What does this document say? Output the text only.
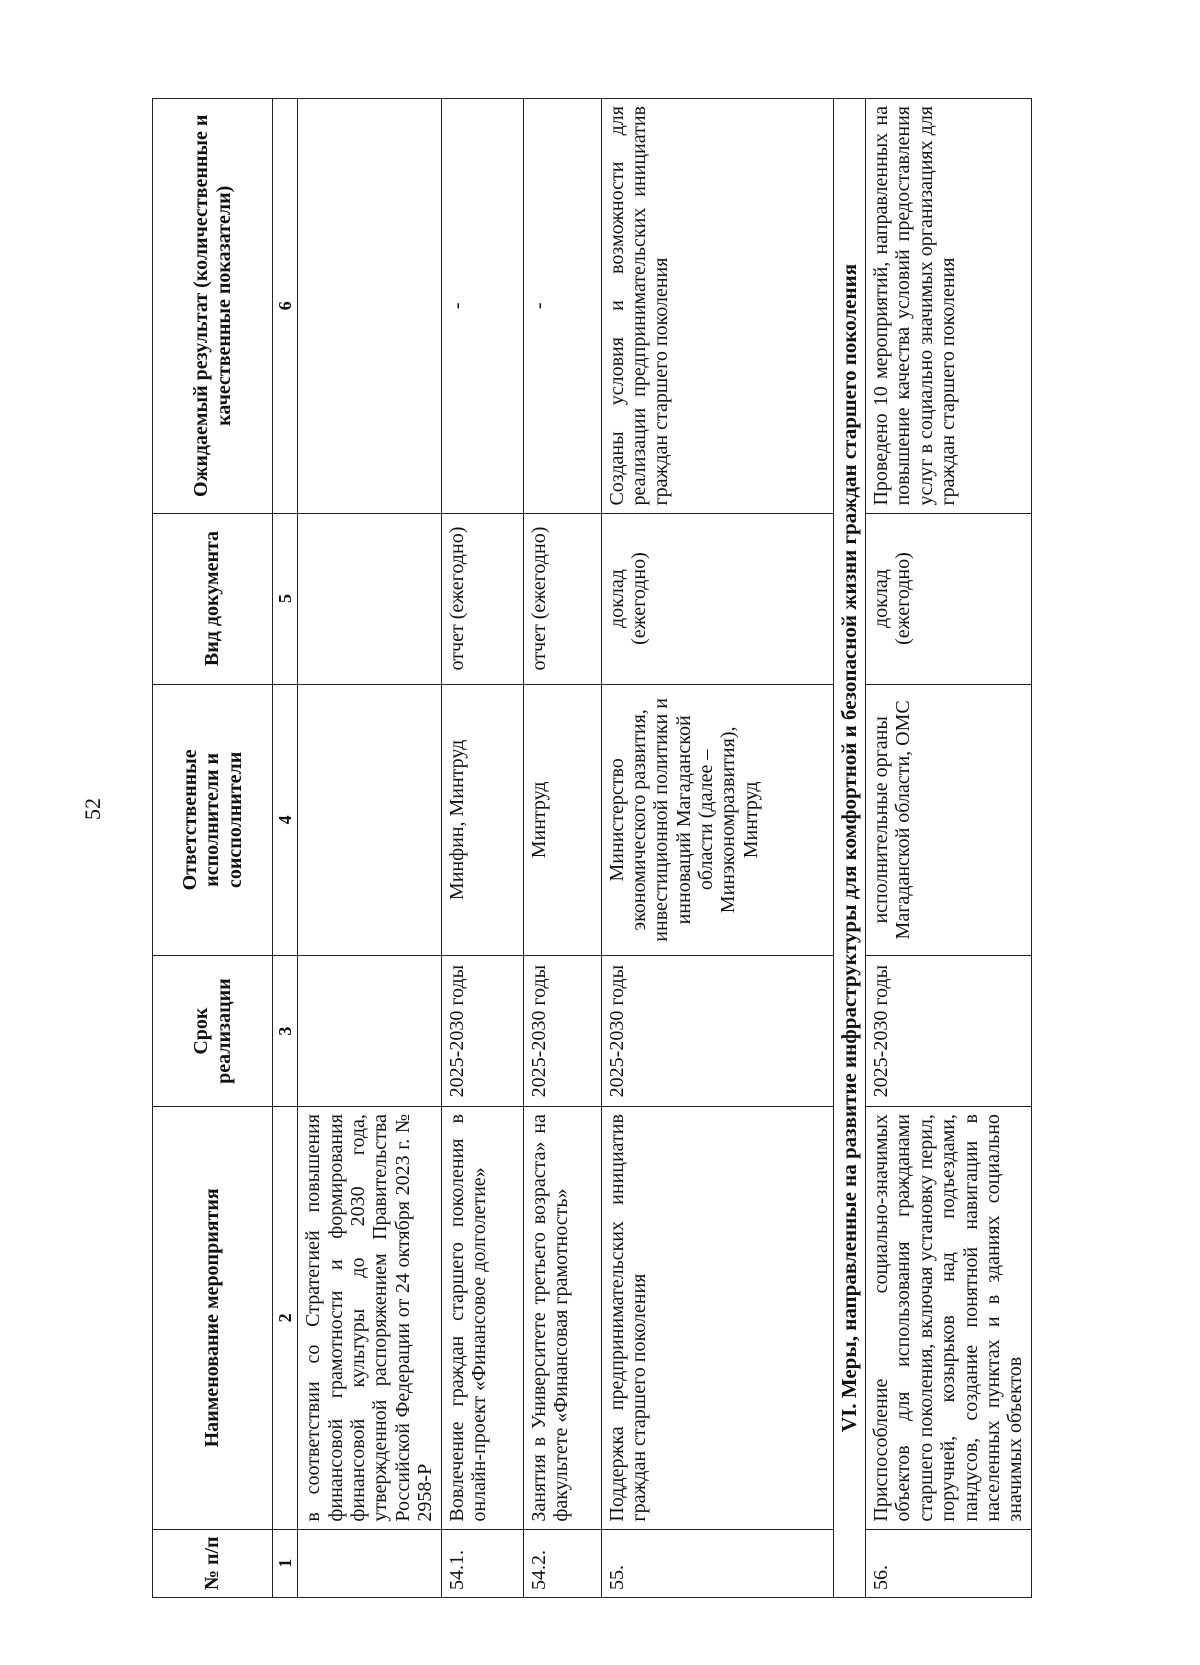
52
№ п/п	Наименование мероприятия	Срок реализации	Ответственные исполнители и соисполнители	Вид документа	Ожидаемый результат (количественные и качественные показатели)
1	2	3	4	5	6
	в соответствии со Стратегией повышения финансовой грамотности и формирования финансовой культуры до 2030 года, утвержденной распоряжением Правительства Российской Федерации от 24 октября 2023 г. № 2958-Р				
54.1.	Вовлечение граждан старшего поколения в онлайн-проект «Финансовое долголетие»	2025-2030 годы	Минфин, Минтруд	отчет (ежегодно)	-
54.2.	Занятия в Университете третьего возраста» на факультете «Финансовая грамотность»	2025-2030 годы	Минтруд	отчет (ежегодно)	-
55.	Поддержка предпринимательских инициатив граждан старшего поколения	2025-2030 годы	Министерство экономического развития, инвестиционной политики и инноваций Магаданской области (далее – Минэкономразвития), Минтруд	доклад (ежегодно)	Созданы условия и возможности для реализации предпринимательских инициатив граждан старшего поколения
VI. Меры, направленные на развитие инфраструктуры для комфортной и безопасной жизни граждан старшего поколения					
56.	Приспособление социально-значимых объектов для использования гражданами старшего поколения, включая установку перил, поручней, козырьков над подъездами, пандусов, создание понятной навигации в населенных пунктах и в зданиях социально значимых объектов	2025-2030 годы	исполнительные органы Магаданской области, ОМС	доклад (ежегодно)	Проведено 10 мероприятий, направленных на повышение качества условий предоставления услуг в социально значимых организациях для граждан старшего поколения
